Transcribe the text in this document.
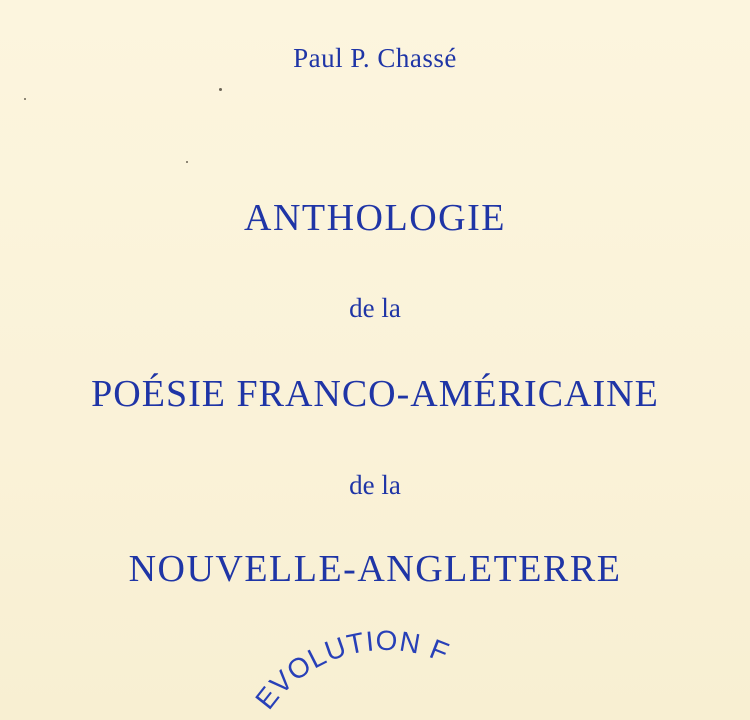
Paul P. Chassé
ANTHOLOGIE
de la
POÉSIE FRANCO-AMÉRICAINE
de la
NOUVELLE-ANGLETERRE
EVOLUTION F
